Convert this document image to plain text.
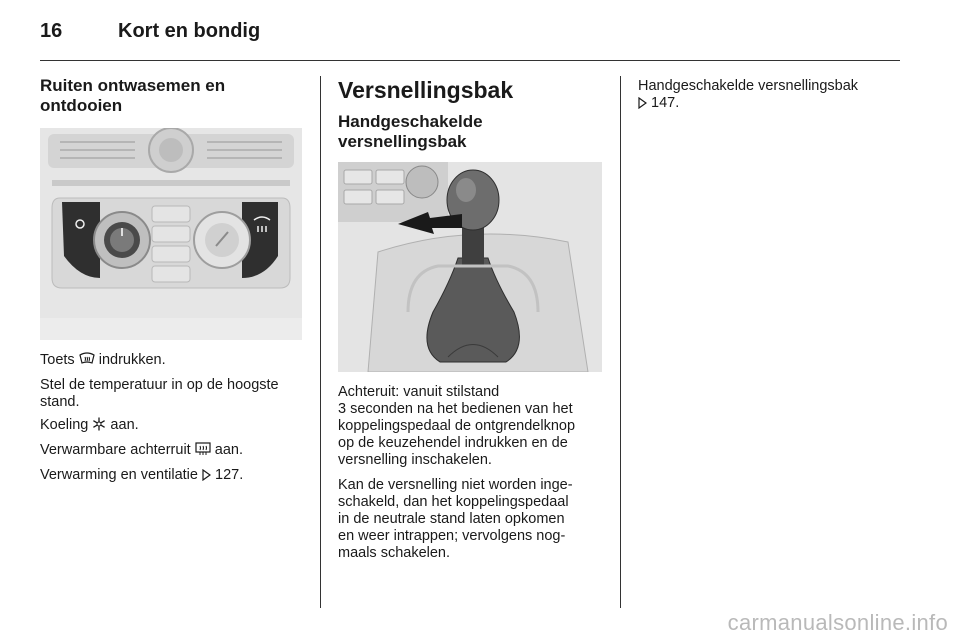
16	Kort en bondig
Ruiten ontwasemen en
ontdooien

Toets  indrukken.

Stel de temperatuur in op de hoogste stand.

Koeling  aan.

Verwarmbare achterruit  aan.

Verwarming en ventilatie  127.

Versnellingsbak
Handgeschakelde
versnellingsbak

Achteruit: vanuit stilstand
3 seconden na het bedienen van het
koppelingspedaal de ontgrendelknop
op de keuzehendel indrukken en de
versnelling inschakelen.

Kan de versnelling niet worden inge-
schakeld, dan het koppelingspedaal
in de neutrale stand laten opkomen
en weer intrappen; vervolgens nog-
maals schakelen.

Handgeschakelde versnellingsbak
147.

carmanualsonline.info
